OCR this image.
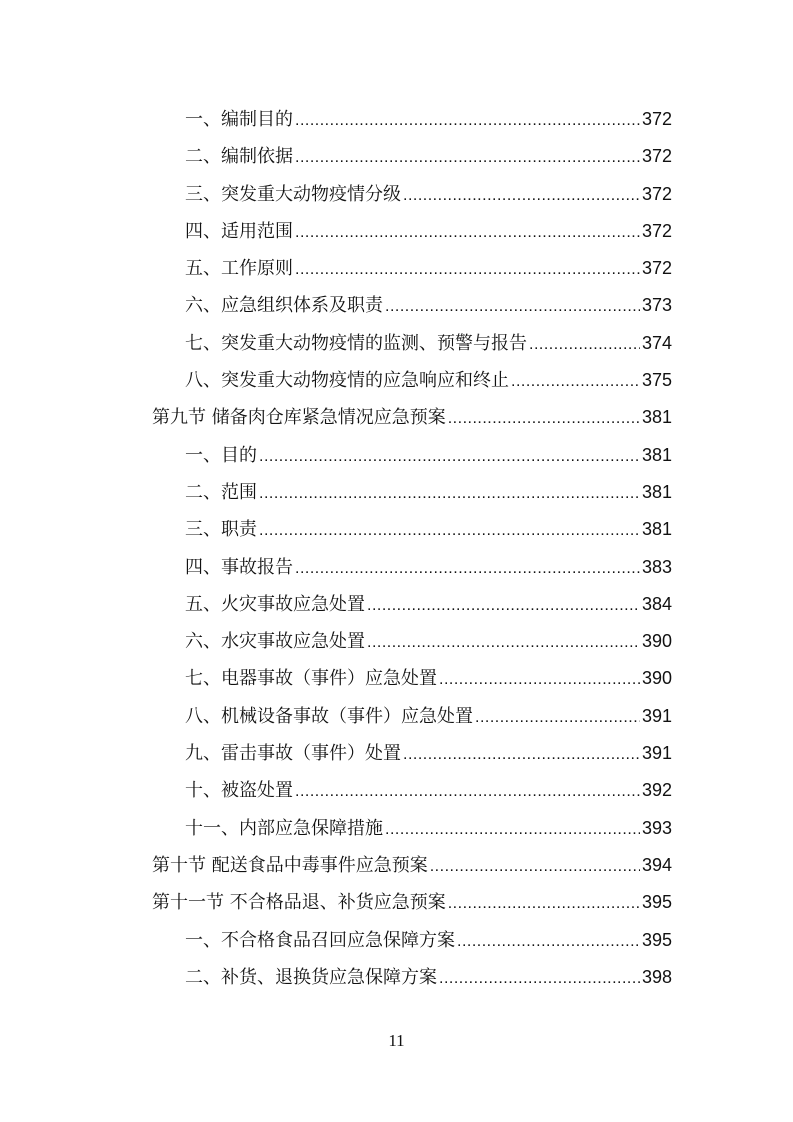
一、编制目的 .....	372
二、编制依据 .....	372
三、突发重大动物疫情分级 .....	372
四、适用范围 .....	372
五、工作原则 .....	372
六、应急组织体系及职责 .....	373
七、突发重大动物疫情的监测、预警与报告 .....	374
八、突发重大动物疫情的应急响应和终止 .....	375
第九节 储备肉仓库紧急情况应急预案 .....	381
一、目的 .....	381
二、范围 .....	381
三、职责 .....	381
四、事故报告 .....	383
五、火灾事故应急处置 .....	384
六、水灾事故应急处置 .....	390
七、电器事故（事件）应急处置 .....	390
八、机械设备事故（事件）应急处置 .....	391
九、雷击事故（事件）处置 .....	391
十、被盗处置 .....	392
十一、内部应急保障措施 .....	393
第十节 配送食品中毒事件应急预案 .....	394
第十一节 不合格品退、补货应急预案 .....	395
一、不合格食品召回应急保障方案 .....	395
二、补货、退换货应急保障方案 .....	398
11
